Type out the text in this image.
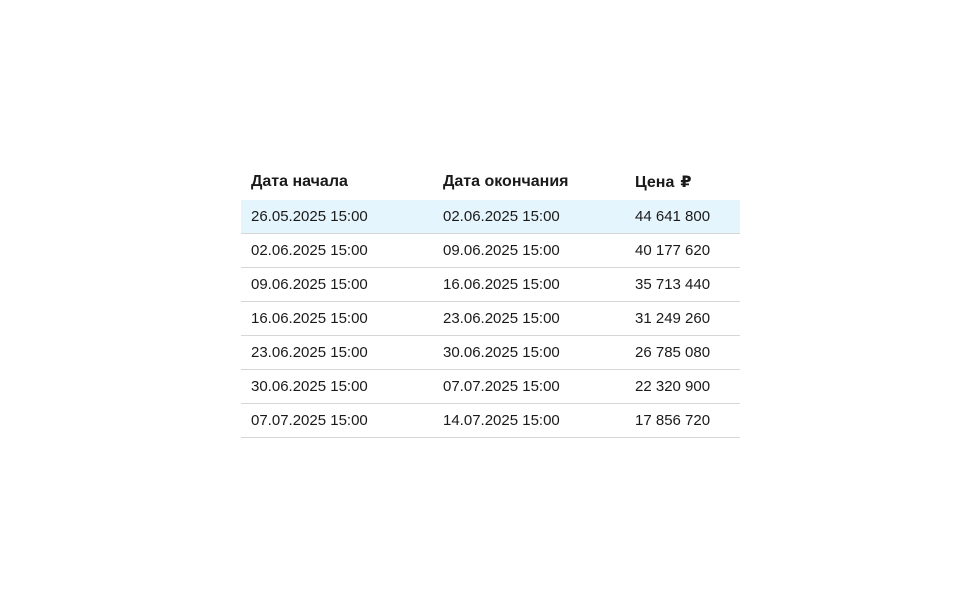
Дата начала	Дата окончания	Цена ₽
26.05.2025 15:00	02.06.2025 15:00	44 641 800
02.06.2025 15:00	09.06.2025 15:00	40 177 620
09.06.2025 15:00	16.06.2025 15:00	35 713 440
16.06.2025 15:00	23.06.2025 15:00	31 249 260
23.06.2025 15:00	30.06.2025 15:00	26 785 080
30.06.2025 15:00	07.07.2025 15:00	22 320 900
07.07.2025 15:00	14.07.2025 15:00	17 856 720
